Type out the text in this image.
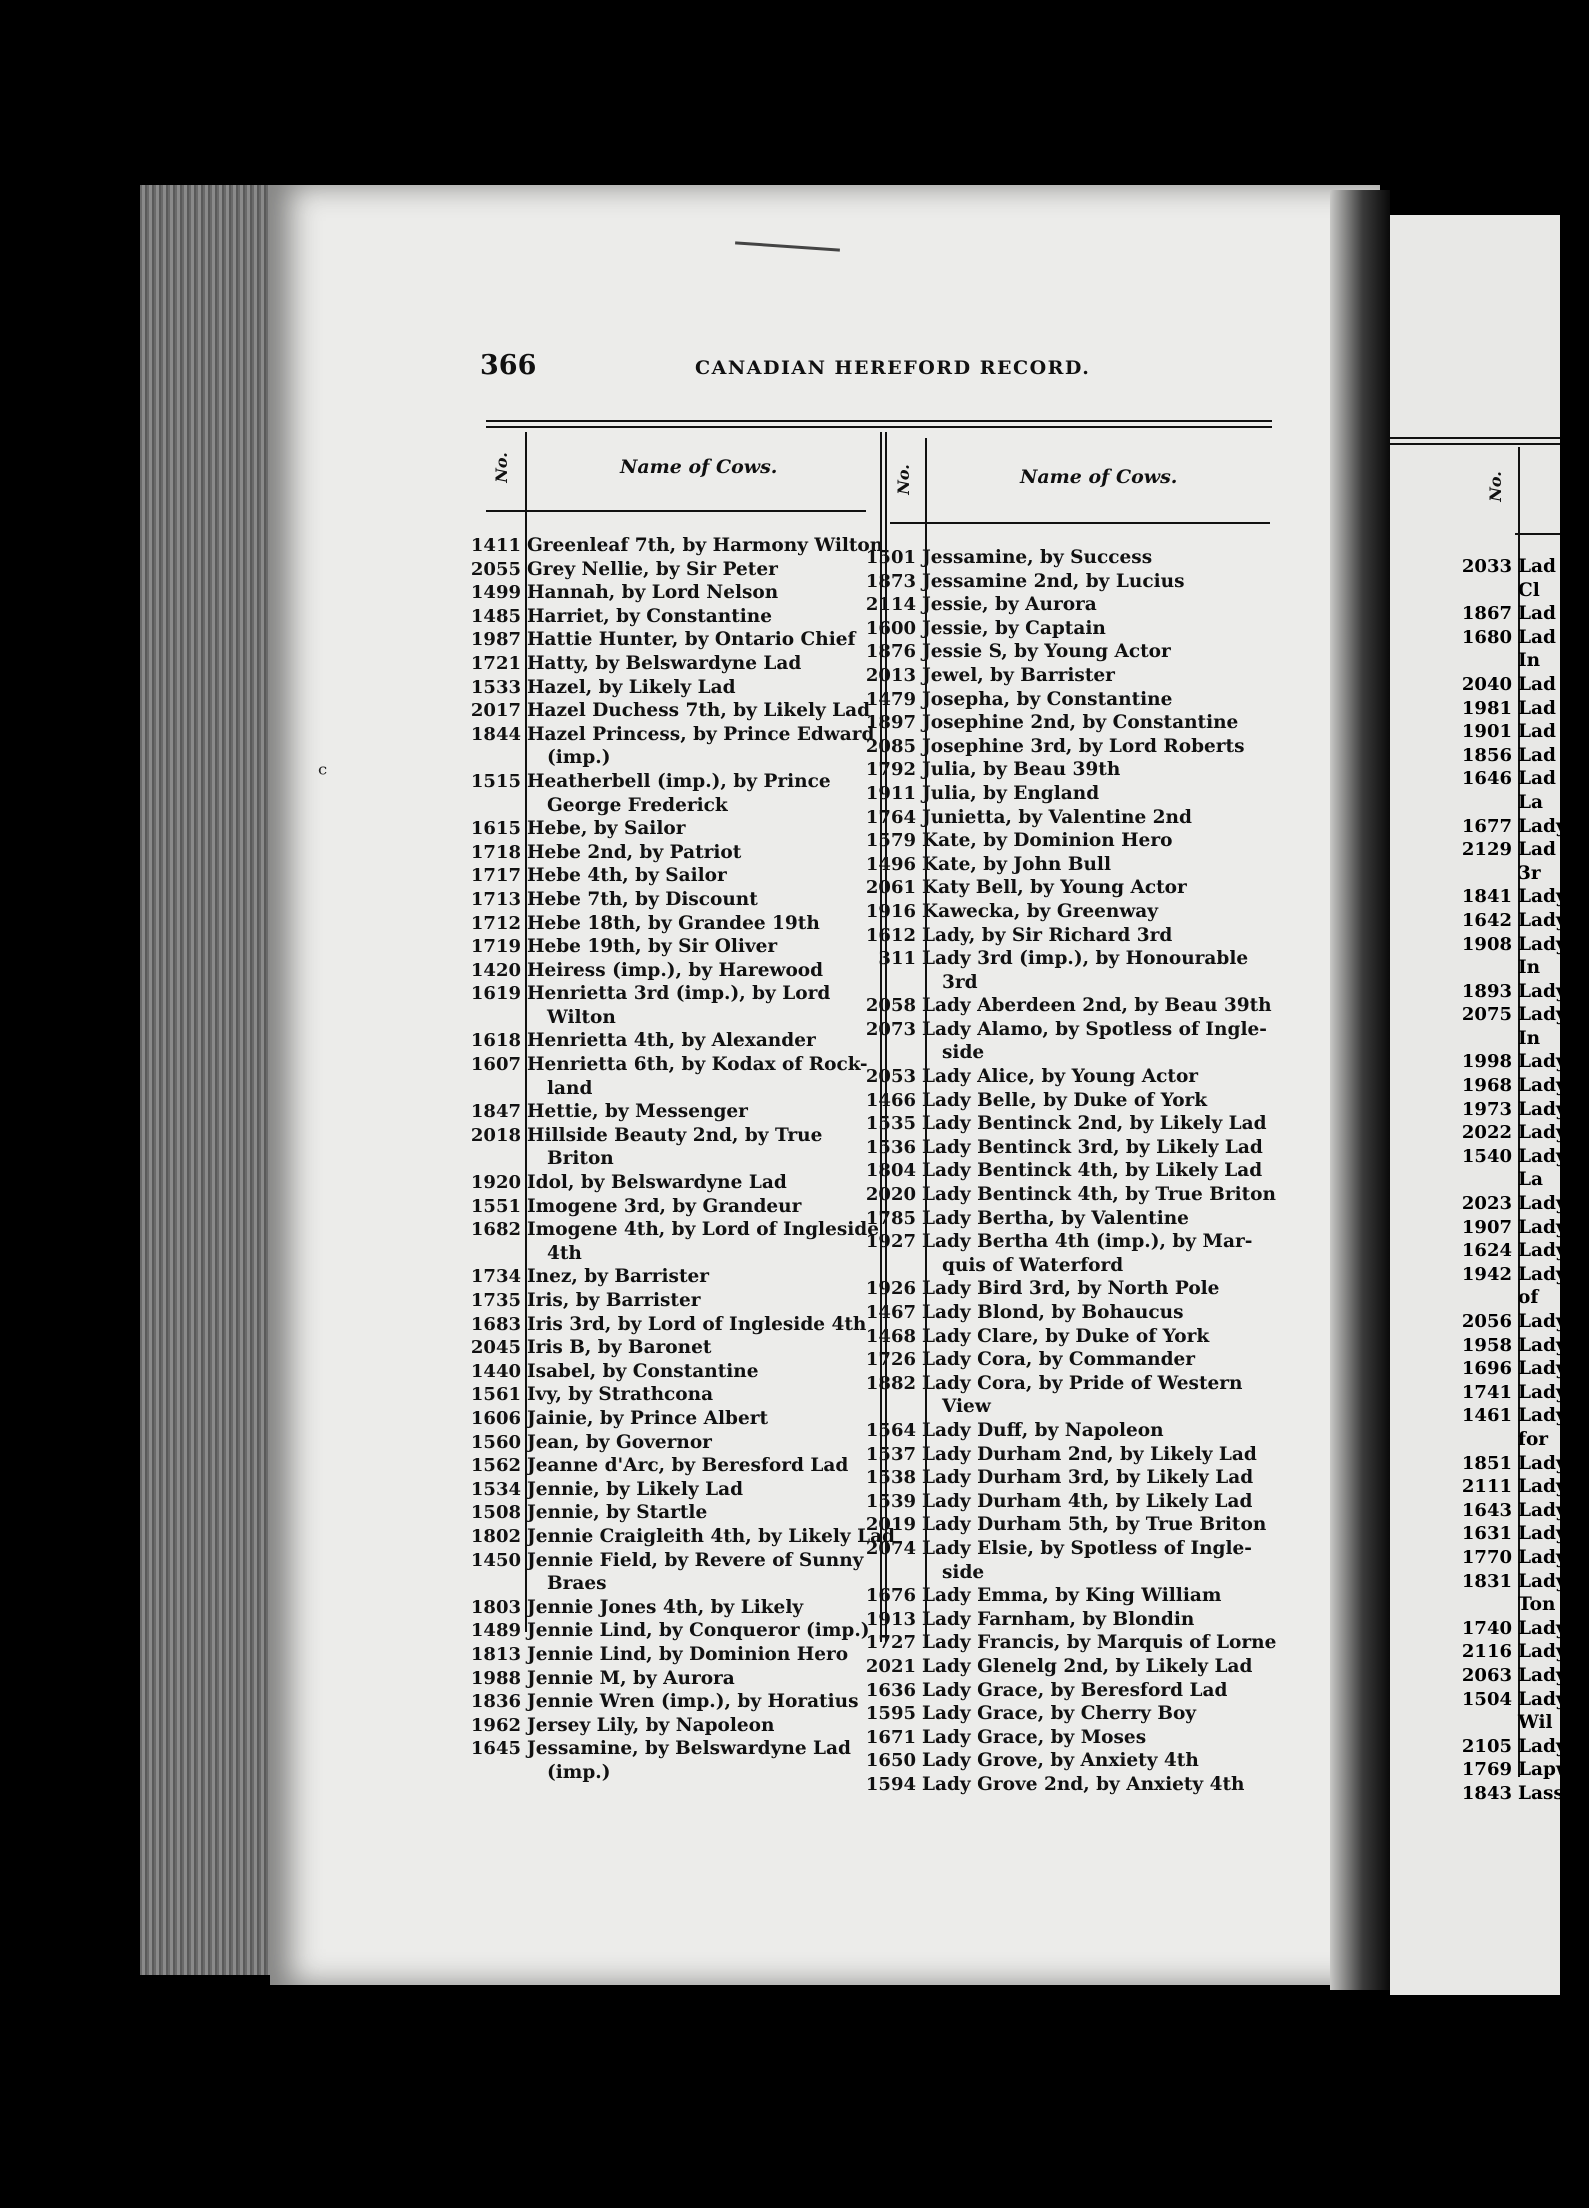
No.
2033 Lad
Cl
1867 Lad
1680 Lad
In
2040 Lad
1981 Lad
1901 Lad
1856 Lad
1646 Lad
La
1677 Lady
2129 Lad
3r
1841 Lady
1642 Lady
1908 Lady
In
1893 Lady
2075 Lady
In
1998 Lady
1968 Lady
1973 Lady
2022 Lady
1540 Lady
La
2023 Lady
1907 Lady
1624 Lady
1942 Lady
of
2056 Lady
1958 Lady
1696 Lady
1741 Lady
1461 Lady
for
1851 Ladys
2111 Ladys
1643 Ladys
1631 Ladys
1770 Lady
1831 Lady
Ton
1740 Lady
2116 Lady
2063 Lady
1504 Lady
Wil
2105 Lady
1769 Lapwi
1843 Lassie,
366	CANADIAN HEREFORD RECORD.
No.	Name of Cows.	No.	Name of Cows.
1411 Greenleaf 7th, by Harmony Wilton
2055 Grey Nellie, by Sir Peter
1499 Hannah, by Lord Nelson
1485 Harriet, by Constantine
1987 Hattie Hunter, by Ontario Chief
1721 Hatty, by Belswardyne Lad
1533 Hazel, by Likely Lad
2017 Hazel Duchess 7th, by Likely Lad
1844 Hazel Princess, by Prince Edward
(imp.)
1515 Heatherbell (imp.), by Prince
George Frederick
1615 Hebe, by Sailor
1718 Hebe 2nd, by Patriot
1717 Hebe 4th, by Sailor
1713 Hebe 7th, by Discount
1712 Hebe 18th, by Grandee 19th
1719 Hebe 19th, by Sir Oliver
1420 Heiress (imp.), by Harewood
1619 Henrietta 3rd (imp.), by Lord
Wilton
1618 Henrietta 4th, by Alexander
1607 Henrietta 6th, by Kodax of Rock-
land
1847 Hettie, by Messenger
2018 Hillside Beauty 2nd, by True
Briton
1920 Idol, by Belswardyne Lad
1551 Imogene 3rd, by Grandeur
1682 Imogene 4th, by Lord of Ingleside
4th
1734 Inez, by Barrister
1735 Iris, by Barrister
1683 Iris 3rd, by Lord of Ingleside 4th
2045 Iris B, by Baronet
1440 Isabel, by Constantine
1561 Ivy, by Strathcona
1606 Jainie, by Prince Albert
1560 Jean, by Governor
1562 Jeanne d'Arc, by Beresford Lad
1534 Jennie, by Likely Lad
1508 Jennie, by Startle
1802 Jennie Craigleith 4th, by Likely Lad
1450 Jennie Field, by Revere of Sunny
Braes
1803 Jennie Jones 4th, by Likely
1489 Jennie Lind, by Conqueror (imp.)
1813 Jennie Lind, by Dominion Hero
1988 Jennie M, by Aurora
1836 Jennie Wren (imp.), by Horatius
1962 Jersey Lily, by Napoleon
1645 Jessamine, by Belswardyne Lad
(imp.)
1501 Jessamine, by Success
1873 Jessamine 2nd, by Lucius
2114 Jessie, by Aurora
1600 Jessie, by Captain
1876 Jessie S, by Young Actor
2013 Jewel, by Barrister
1479 Josepha, by Constantine
1897 Josephine 2nd, by Constantine
2085 Josephine 3rd, by Lord Roberts
1792 Julia, by Beau 39th
1911 Julia, by England
1764 Junietta, by Valentine 2nd
1579 Kate, by Dominion Hero
1496 Kate, by John Bull
2061 Katy Bell, by Young Actor
1916 Kawecka, by Greenway
1612 Lady, by Sir Richard 3rd
311 Lady 3rd (imp.), by Honourable
3rd
2058 Lady Aberdeen 2nd, by Beau 39th
2073 Lady Alamo, by Spotless of Ingle-
side
2053 Lady Alice, by Young Actor
1466 Lady Belle, by Duke of York
1535 Lady Bentinck 2nd, by Likely Lad
1536 Lady Bentinck 3rd, by Likely Lad
1804 Lady Bentinck 4th, by Likely Lad
2020 Lady Bentinck 4th, by True Briton
1785 Lady Bertha, by Valentine
1927 Lady Bertha 4th (imp.), by Mar-
quis of Waterford
1926 Lady Bird 3rd, by North Pole
1467 Lady Blond, by Bohaucus
1468 Lady Clare, by Duke of York
1726 Lady Cora, by Commander
1882 Lady Cora, by Pride of Western
View
1564 Lady Duff, by Napoleon
1537 Lady Durham 2nd, by Likely Lad
1538 Lady Durham 3rd, by Likely Lad
1539 Lady Durham 4th, by Likely Lad
2019 Lady Durham 5th, by True Briton
2074 Lady Elsie, by Spotless of Ingle-
side
1676 Lady Emma, by King William
1913 Lady Farnham, by Blondin
1727 Lady Francis, by Marquis of Lorne
2021 Lady Glenelg 2nd, by Likely Lad
1636 Lady Grace, by Beresford Lad
1595 Lady Grace, by Cherry Boy
1671 Lady Grace, by Moses
1650 Lady Grove, by Anxiety 4th
1594 Lady Grove 2nd, by Anxiety 4th
ᶜ
